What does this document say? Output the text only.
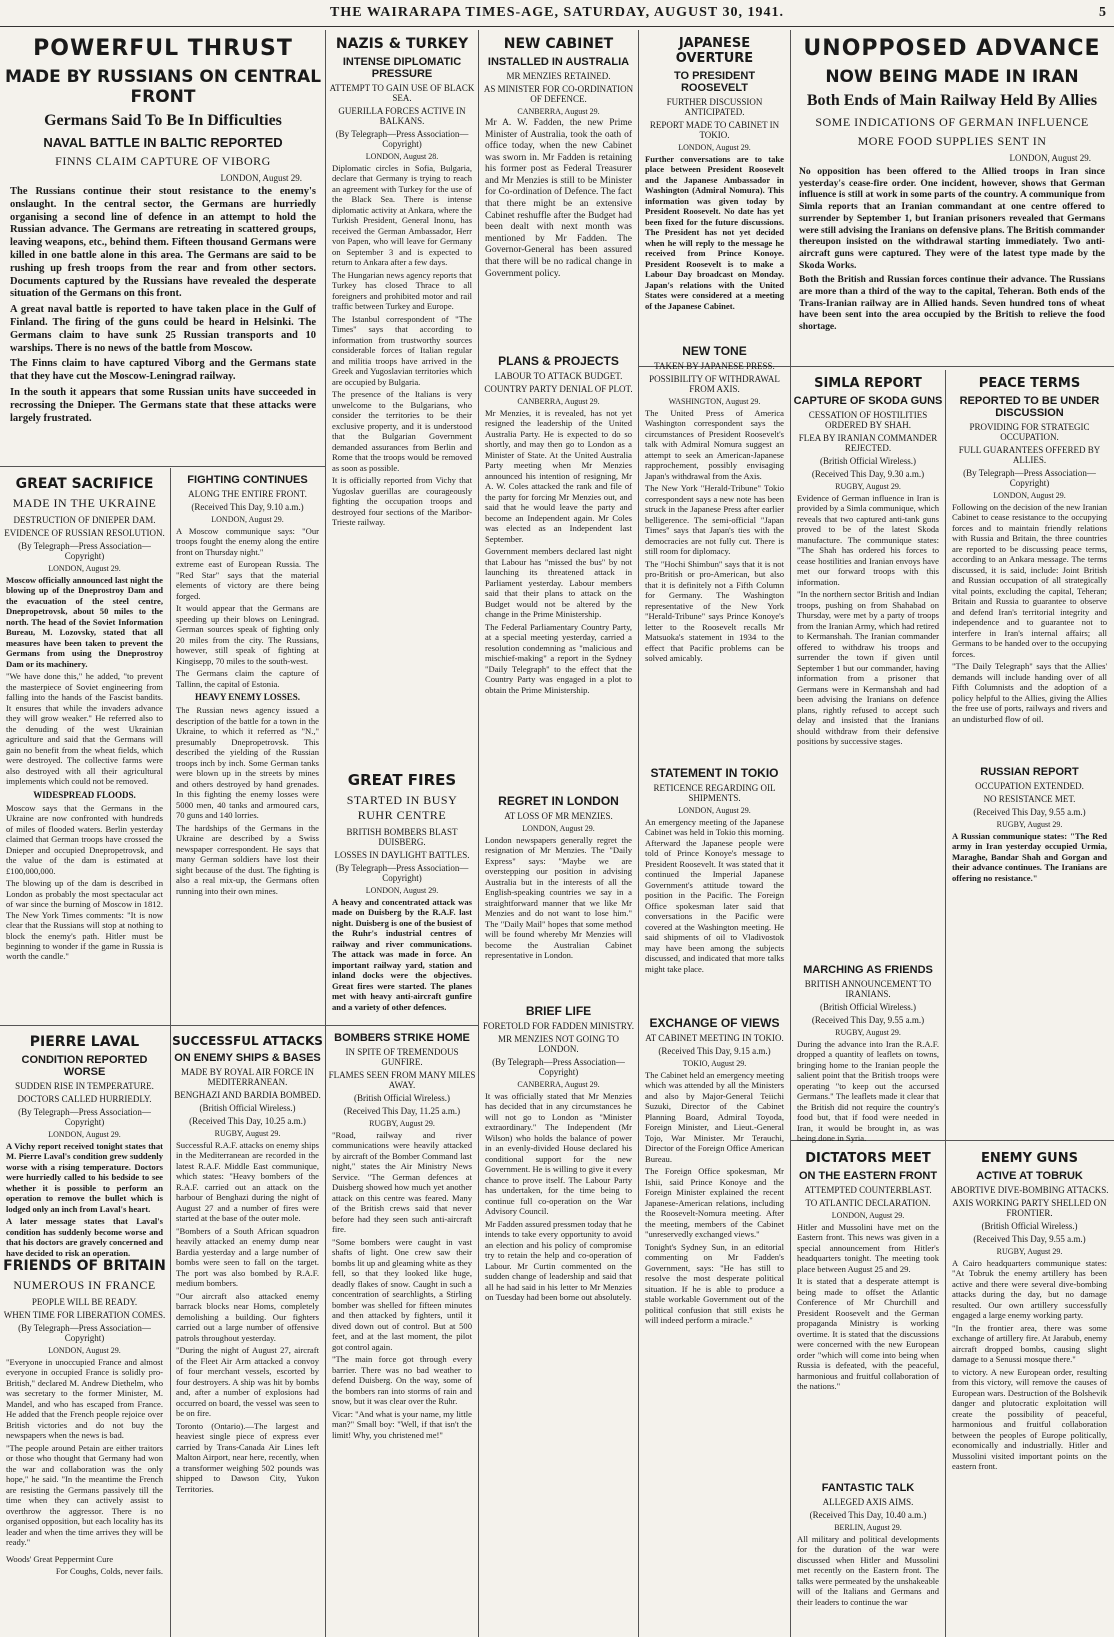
THE WAIRARAPA TIMES-AGE, SATURDAY, AUGUST 30, 1941.	5
POWERFUL THRUST
MADE BY RUSSIANS ON CENTRAL FRONT
Germans Said To Be In Difficulties
NAVAL BATTLE IN BALTIC REPORTED
FINNS CLAIM CAPTURE OF VIBORG
LONDON, August 29.

The Russians continue their stout resistance to the enemy's onslaught. In the central sector, the Germans are hurriedly organising a second line of defence in an attempt to hold the Russian advance. The Germans are retreating in scattered groups, leaving weapons, etc., behind them. Fifteen thousand Germans were killed in one battle alone in this area. The Germans are said to be rushing up fresh troops from the rear and from other sectors. Documents captured by the Russians have revealed the desperate situation of the Germans on this front.

A great naval battle is reported to have taken place in the Gulf of Finland. The firing of the guns could be heard in Helsinki. The Germans claim to have sunk 25 Russian transports and 10 warships. There is no news of the battle from Moscow.

The Finns claim to have captured Viborg and the Germans state that they have cut the Moscow-Leningrad railway.

In the south it appears that some Russian units have succeeded in recrossing the Dnieper. The Germans state that these attacks were largely frustrated.

GREAT SACRIFICE
MADE IN THE UKRAINE
DESTRUCTION OF DNIEPER DAM.
EVIDENCE OF RUSSIAN RESOLUTION.
(By Telegraph—Press Association—Copyright)
LONDON, August 29.

Moscow officially announced last night the blowing up of the Dneprostroy Dam and the evacuation of the steel centre, Dnepropetrovsk, about 50 miles to the north. The head of the Soviet Information Bureau, M. Lozovsky, stated that all measures have been taken to prevent the Germans from using the Dneprostroy Dam or its machinery.

"We have done this," he added, "to prevent the masterpiece of Soviet engineering from falling into the hands of the Fascist bandits. It ensures that while the invaders advance they will grow weaker." He referred also to the denuding of the west Ukrainian agriculture and said that the Germans will gain no benefit from the wheat fields, which were destroyed. The collective farms were also destroyed with all their agricultural implements which could not be removed.

WIDESPREAD FLOODS.

Moscow says that the Germans in the Ukraine are now confronted with hundreds of miles of flooded waters. Berlin yesterday claimed that German troops have crossed the Dnieper and occupied Dnepropetrovsk, and the value of the dam is estimated at £100,000,000.

The blowing up of the dam is described in London as probably the most spectacular act of war since the burning of Moscow in 1812. The New York Times comments: "It is now clear that the Russians will stop at nothing to block the enemy's path. Hitler must be beginning to wonder if the game in Russia is worth the candle."

FIGHTING CONTINUES
ALONG THE ENTIRE FRONT.
(Received This Day, 9.10 a.m.)
LONDON, August 29.

A Moscow communique says: "Our troops fought the enemy along the entire front on Thursday night."

extreme east of European Russia. The "Red Star" says that the material elements of victory are there being forged.

It would appear that the Germans are speeding up their blows on Leningrad. German sources speak of fighting only 20 miles from the city. The Russians, however, still speak of fighting at Kingisepp, 70 miles to the south-west.

The Germans claim the capture of Tallinn, the capital of Estonia.

HEAVY ENEMY LOSSES.

The Russian news agency issued a description of the battle for a town in the Ukraine, to which it referred as "N.," presumably Dnepropetrovsk. This described the yielding of the Russian troops inch by inch. Some German tanks were blown up in the streets by mines and others destroyed by hand grenades. In this fighting the enemy losses were 5000 men, 40 tanks and armoured cars, 70 guns and 140 lorries.

The hardships of the Germans in the Ukraine are described by a Swiss newspaper correspondent. He says that many German soldiers have lost their sight because of the dust. The fighting is also a real mix-up, the Germans often running into their own mines.

PIERRE LAVAL
CONDITION REPORTED WORSE
SUDDEN RISE IN TEMPERATURE.
DOCTORS CALLED HURRIEDLY.
(By Telegraph—Press Association—Copyright)
LONDON, August 29.

A Vichy report received tonight states that M. Pierre Laval's condition grew suddenly worse with a rising temperature. Doctors were hurriedly called to his bedside to see whether it is possible to perform an operation to remove the bullet which is lodged only an inch from Laval's heart.

A later message states that Laval's condition has suddenly become worse and that his doctors are gravely concerned and have decided to risk an operation.

FRIENDS OF BRITAIN
NUMEROUS IN FRANCE
PEOPLE WILL BE READY.
WHEN TIME FOR LIBERATION COMES.
(By Telegraph—Press Association—Copyright)
LONDON, August 29.

"Everyone in unoccupied France and almost everyone in occupied France is solidly pro-British," declared M. Andrew Diethelm, who was secretary to the former Minister, M. Mandel, and who has escaped from France. He added that the French people rejoice over British victories and do not buy the newspapers when the news is bad.

"The people around Petain are either traitors or those who thought that Germany had won the war and collaboration was the only hope," he said. "In the meantime the French are resisting the Germans passively till the time when they can actively assist to overthrow the aggressor. There is no organised opposition, but each locality has its leader and when the time arrives they will be ready."

Woods' Great Peppermint Cure

For Coughs, Colds, never fails.

SUCCESSFUL ATTACKS
ON ENEMY SHIPS & BASES
MADE BY ROYAL AIR FORCE IN MEDITERRANEAN.
BENGHAZI AND BARDIA BOMBED.
(British Official Wireless.)
(Received This Day, 10.25 a.m.)
RUGBY, August 29.

Successful R.A.F. attacks on enemy ships in the Mediterranean are recorded in the latest R.A.F. Middle East communique, which states: "Heavy bombers of the R.A.F. carried out an attack on the harbour of Benghazi during the night of August 27 and a number of fires were started at the base of the outer mole.

"Bombers of a South African squadron heavily attacked an enemy dump near Bardia yesterday and a large number of bombs were seen to fall on the target. The port was also bombed by R.A.F. medium bombers.

"Our aircraft also attacked enemy barrack blocks near Homs, completely demolishing a building. Our fighters carried out a large number of offensive patrols throughout yesterday.

"During the night of August 27, aircraft of the Fleet Air Arm attacked a convoy of four merchant vessels, escorted by four destroyers. A ship was hit by bombs and, after a number of explosions had occurred on board, the vessel was seen to be on fire.

Toronto (Ontario).—The largest and heaviest single piece of express ever carried by Trans-Canada Air Lines left Malton Airport, near here, recently, when a transformer weighing 502 pounds was shipped to Dawson City, Yukon Territories.

NAZIS & TURKEY
INTENSE DIPLOMATIC PRESSURE
ATTEMPT TO GAIN USE OF BLACK SEA.
GUERILLA FORCES ACTIVE IN BALKANS.
(By Telegraph—Press Association—Copyright)
LONDON, August 28.

Diplomatic circles in Sofia, Bulgaria, declare that Germany is trying to reach an agreement with Turkey for the use of the Black Sea. There is intense diplomatic activity at Ankara, where the Turkish President, General Inonu, has received the German Ambassador, Herr von Papen, who will leave for Germany on September 3 and is expected to return to Ankara after a few days.

The Hungarian news agency reports that Turkey has closed Thrace to all foreigners and prohibited motor and rail traffic between Turkey and Europe.

The Istanbul correspondent of "The Times" says that according to information from trustworthy sources considerable forces of Italian regular and militia troops have arrived in the Greek and Yugoslavian territories which are occupied by Bulgaria.

The presence of the Italians is very unwelcome to the Bulgarians, who consider the territories to be their exclusive property, and it is understood that the Bulgarian Government demanded assurances from Berlin and Rome that the troops would be removed as soon as possible.

It is officially reported from Vichy that Yugoslav guerillas are courageously fighting the occupation troops and destroyed four sections of the Maribor-Trieste railway.

GREAT FIRES
STARTED IN BUSY RUHR CENTRE
BRITISH BOMBERS BLAST DUISBERG.
LOSSES IN DAYLIGHT BATTLES.
(By Telegraph—Press Association—Copyright)
LONDON, August 29.

A heavy and concentrated attack was made on Duisberg by the R.A.F. last night. Duisberg is one of the busiest of the Ruhr's industrial centres of railway and river communications. The attack was made in force. An important railway yard, station and inland docks were the objectives. Great fires were started. The planes met with heavy anti-aircraft gunfire and a variety of other defences.

BOMBERS STRIKE HOME
IN SPITE OF TREMENDOUS GUNFIRE.
FLAMES SEEN FROM MANY MILES AWAY.
(British Official Wireless.)
(Received This Day, 11.25 a.m.)
RUGBY, August 29.

"Road, railway and river communications were heavily attacked by aircraft of the Bomber Command last night," states the Air Ministry News Service. "The German defences at Duisberg showed how much yet another attack on this centre was feared. Many of the British crews said that never before had they seen such anti-aircraft fire.

"Some bombers were caught in vast shafts of light. One crew saw their bombs lit up and gleaming white as they fell, so that they looked like huge, deadly flakes of snow. Caught in such a concentration of searchlights, a Stirling bomber was shelled for fifteen minutes and then attacked by fighters, until it dived down out of control. But at 500 feet, and at the last moment, the pilot got control again.

"The main force got through every barrier. There was no bad weather to defend Duisberg. On the way, some of the bombers ran into storms of rain and snow, but it was clear over the Ruhr.

Vicar: "And what is your name, my little man?" Small boy: "Well, if that isn't the limit! Why, you christened me!"

NEW CABINET
INSTALLED IN AUSTRALIA
MR MENZIES RETAINED.
AS MINISTER FOR CO-ORDINATION OF DEFENCE.
CANBERRA, August 29.

Mr A. W. Fadden, the new Prime Minister of Australia, took the oath of office today, when the new Cabinet was sworn in. Mr Fadden is retaining his former post as Federal Treasurer and Mr Menzies is still to be Minister for Co-ordination of Defence. The fact that there might be an extensive Cabinet reshuffle after the Budget had been dealt with next month was mentioned by Mr Fadden. The Governor-General has been assured that there will be no radical change in Government policy.

PLANS & PROJECTS
LABOUR TO ATTACK BUDGET.
COUNTRY PARTY DENIAL OF PLOT.
CANBERRA, August 29.

Mr Menzies, it is revealed, has not yet resigned the leadership of the United Australia Party. He is expected to do so shortly, and may then go to London as a Minister of State. At the United Australia Party meeting when Mr Menzies announced his intention of resigning, Mr A. W. Coles attacked the rank and file of the party for forcing Mr Menzies out, and said that he would leave the party and become an Independent again. Mr Coles was elected as an Independent last September.

Government members declared last night that Labour has "missed the bus" by not launching its threatened attack in Parliament yesterday. Labour members said that their plans to attack on the Budget would not be altered by the change in the Prime Ministership.

The Federal Parliamentary Country Party, at a special meeting yesterday, carried a resolution condemning as "malicious and mischief-making" a report in the Sydney "Daily Telegraph" to the effect that the Country Party was engaged in a plot to obtain the Prime Ministership.

REGRET IN LONDON
AT LOSS OF MR MENZIES.
LONDON, August 29.

London newspapers generally regret the resignation of Mr Menzies. The "Daily Express" says: "Maybe we are overstepping our position in advising Australia but in the interests of all the English-speaking countries we say in a straightforward manner that we like Mr Menzies and do not want to lose him." The "Daily Mail" hopes that some method will be found whereby Mr Menzies will become the Australian Cabinet representative in London.

BRIEF LIFE
FORETOLD FOR FADDEN MINISTRY.
MR MENZIES NOT GOING TO LONDON.
(By Telegraph—Press Association—Copyright)
CANBERRA, August 29.

It was officially stated that Mr Menzies has decided that in any circumstances he will not go to London as "Minister extraordinary." The Independent (Mr Wilson) who holds the balance of power in an evenly-divided House declared his conditional support for the new Government. He is willing to give it every chance to prove itself. The Labour Party has undertaken, for the time being to continue full co-operation on the War Advisory Council.

Mr Fadden assured pressmen today that he intends to take every opportunity to avoid an election and his policy of compromise try to retain the help and co-operation of Labour. Mr Curtin commented on the sudden change of leadership and said that all he had said in his letter to Mr Menzies on Tuesday had been borne out absolutely.

JAPANESE OVERTURE
TO PRESIDENT ROOSEVELT
FURTHER DISCUSSION ANTICIPATED.
REPORT MADE TO CABINET IN TOKIO.
LONDON, August 29.

Further conversations are to take place between President Roosevelt and the Japanese Ambassador in Washington (Admiral Nomura). This information was given today by President Roosevelt. No date has yet been fixed for the future discussions. The President has not yet decided when he will reply to the message he received from Prince Konoye. President Roosevelt is to make a Labour Day broadcast on Monday. Japan's relations with the United States were considered at a meeting of the Japanese Cabinet.

NEW TONE
TAKEN BY JAPANESE PRESS.
POSSIBILITY OF WITHDRAWAL FROM AXIS.
WASHINGTON, August 29.

The United Press of America Washington correspondent says the circumstances of President Roosevelt's talk with Admiral Nomura suggest an attempt to seek an American-Japanese rapprochement, possibly envisaging Japan's withdrawal from the Axis.

The New York "Herald-Tribune" Tokio correspondent says a new note has been struck in the Japanese Press after earlier belligerence. The semi-official "Japan Times" says that Japan's ties with the democracies are not fully cut. There is still room for diplomacy.

The "Hochi Shimbun" says that it is not pro-British or pro-American, but also that it is definitely not a Fifth Column for Germany. The Washington representative of the New York "Herald-Tribune" says Prince Konoye's letter to the Roosevelt recalls Mr Matsuoka's statement in 1934 to the effect that Pacific problems can be solved amicably.

STATEMENT IN TOKIO
RETICENCE REGARDING OIL SHIPMENTS.
LONDON, August 29.

An emergency meeting of the Japanese Cabinet was held in Tokio this morning. Afterward the Japanese people were told of Prince Konoye's message to President Roosevelt. It was stated that it continued the Imperial Japanese Government's attitude toward the position in the Pacific. The Foreign Office spokesman later said that conversations in the Pacific were covered at the Washington meeting. He said shipments of oil to Vladivostok may have been among the subjects discussed, and indicated that more talks might take place.

EXCHANGE OF VIEWS
AT CABINET MEETING IN TOKIO.
(Received This Day, 9.15 a.m.)
TOKIO, August 29.

The Cabinet held an emergency meeting which was attended by all the Ministers and also by Major-General Teiichi Suzuki, Director of the Cabinet Planning Board, Admiral Toyoda, Foreign Minister, and Lieut.-General Tojo, War Minister. Mr Terauchi, Director of the Foreign Office American Bureau.

The Foreign Office spokesman, Mr Ishii, said Prince Konoye and the Foreign Minister explained the recent Japanese-American relations, including the Roosevelt-Nomura meeting. After the meeting, members of the Cabinet "unreservedly exchanged views."

Tonight's Sydney Sun, in an editorial commenting on Mr Fadden's Government, says: "He has still to resolve the most desperate political situation. If he is able to produce a stable workable Government out of the political confusion that still exists he will indeed perform a miracle."

UNOPPOSED ADVANCE
NOW BEING MADE IN IRAN
Both Ends of Main Railway Held By Allies
SOME INDICATIONS OF GERMAN INFLUENCE
MORE FOOD SUPPLIES SENT IN
LONDON, August 29.

No opposition has been offered to the Allied troops in Iran since yesterday's cease-fire order. One incident, however, shows that German influence is still at work in some parts of the country. A communique from Simla reports that an Iranian commandant at one centre offered to surrender by September 1, but Iranian prisoners revealed that Germans were still advising the Iranians on defensive plans. The British commander thereupon insisted on the withdrawal starting immediately. Two anti-aircraft guns were captured. They were of the latest type made by the Skoda Works.

Both the British and Russian forces continue their advance. The Russians are more than a third of the way to the capital, Teheran. Both ends of the Trans-Iranian railway are in Allied hands. Seven hundred tons of wheat have been sent into the area occupied by the British to relieve the food shortage.

SIMLA REPORT
CAPTURE OF SKODA GUNS
CESSATION OF HOSTILITIES ORDERED BY SHAH.
FLEA BY IRANIAN COMMANDER REJECTED.
(British Official Wireless.)
(Received This Day, 9.30 a.m.)
RUGBY, August 29.

Evidence of German influence in Iran is provided by a Simla communique, which reveals that two captured anti-tank guns proved to be of the latest Skoda manufacture. The communique states: "The Shah has ordered his forces to cease hostilities and Iranian envoys have met our forward troops with this information.

"In the northern sector British and Indian troops, pushing on from Shahabad on Thursday, were met by a party of troops from the Iranian Army, which had retired to Kermanshah. The Iranian commander offered to withdraw his troops and surrender the town if given until September 1 but our commander, having information from a prisoner that Germans were in Kermanshah and had been advising the Iranians on defence plans, rightly refused to accept such delay and insisted that the Iranians should withdraw from their defensive positions by successive stages.

MARCHING AS FRIENDS
BRITISH ANNOUNCEMENT TO IRANIANS.
(British Official Wireless.)
(Received This Day, 9.55 a.m.)
RUGBY, August 29.

During the advance into Iran the R.A.F. dropped a quantity of leaflets on towns, bringing home to the Iranian people the salient point that the British troops were operating "to keep out the accursed Germans." The leaflets made it clear that the British did not require the country's food but, that if food were needed in Iran, it would be brought in, as was being done in Syria.

PEACE TERMS
REPORTED TO BE UNDER DISCUSSION
PROVIDING FOR STRATEGIC OCCUPATION.
FULL GUARANTEES OFFERED BY ALLIES.
(By Telegraph—Press Association—Copyright)
LONDON, August 29.

Following on the decision of the new Iranian Cabinet to cease resistance to the occupying forces and to maintain friendly relations with Russia and Britain, the three countries are reported to be discussing peace terms, according to an Ankara message. The terms discussed, it is said, include: Joint British and Russian occupation of all strategically vital points, excluding the capital, Teheran; Britain and Russia to guarantee to observe and defend Iran's territorial integrity and independence and to guarantee not to interfere in Iran's internal affairs; all Germans to be handed over to the occupying forces.

"The Daily Telegraph" says that the Allies' demands will include handing over of all Fifth Columnists and the adoption of a policy helpful to the Allies, giving the Allies the free use of ports, railways and rivers and an undisturbed flow of oil.

RUSSIAN REPORT
OCCUPATION EXTENDED.
NO RESISTANCE MET.
(Received This Day, 9.55 a.m.)
RUGBY, August 29.

A Russian communique states: "The Red army in Iran yesterday occupied Urmia, Maraghe, Bandar Shah and Gorgan and their advance continues. The Iranians are offering no resistance."

DICTATORS MEET
ON THE EASTERN FRONT
ATTEMPTED COUNTERBLAST.
TO ATLANTIC DECLARATION.
LONDON, August 29.

Hitler and Mussolini have met on the Eastern front. This news was given in a special announcement from Hitler's headquarters tonight. The meeting took place between August 25 and 29.

It is stated that a desperate attempt is being made to offset the Atlantic Conference of Mr Churchill and President Roosevelt and the German propaganda Ministry is working overtime. It is stated that the discussions were concerned with the new European order "which will come into being when Russia is defeated, with the peaceful, harmonious and fruitful collaboration of the nations."

FANTASTIC TALK
ALLEGED AXIS AIMS.
(Received This Day, 10.40 a.m.)
BERLIN, August 29.

All military and political developments for the duration of the war were discussed when Hitler and Mussolini met recently on the Eastern front. The talks were permeated by the unshakeable will of the Italians and Germans and their leaders to continue the war

ENEMY GUNS
ACTIVE AT TOBRUK
ABORTIVE DIVE-BOMBING ATTACKS.
AXIS WORKING PARTY SHELLED ON FRONTIER.
(British Official Wireless.)
(Received This Day, 9.55 a.m.)
RUGBY, August 29.

A Cairo headquarters communique states: "At Tobruk the enemy artillery has been active and there were several dive-bombing attacks during the day, but no damage resulted. Our own artillery successfully engaged a large enemy working party.

"In the frontier area, there was some exchange of artillery fire. At Jarabub, enemy aircraft dropped bombs, causing slight damage to a Senussi mosque there."

to victory. A new European order, resulting from this victory, will remove the causes of European wars. Destruction of the Bolshevik danger and plutocratic exploitation will create the possibility of peaceful, harmonious and fruitful collaboration between the peoples of Europe politically, economically and industrially. Hitler and Mussolini visited important points on the eastern front.
